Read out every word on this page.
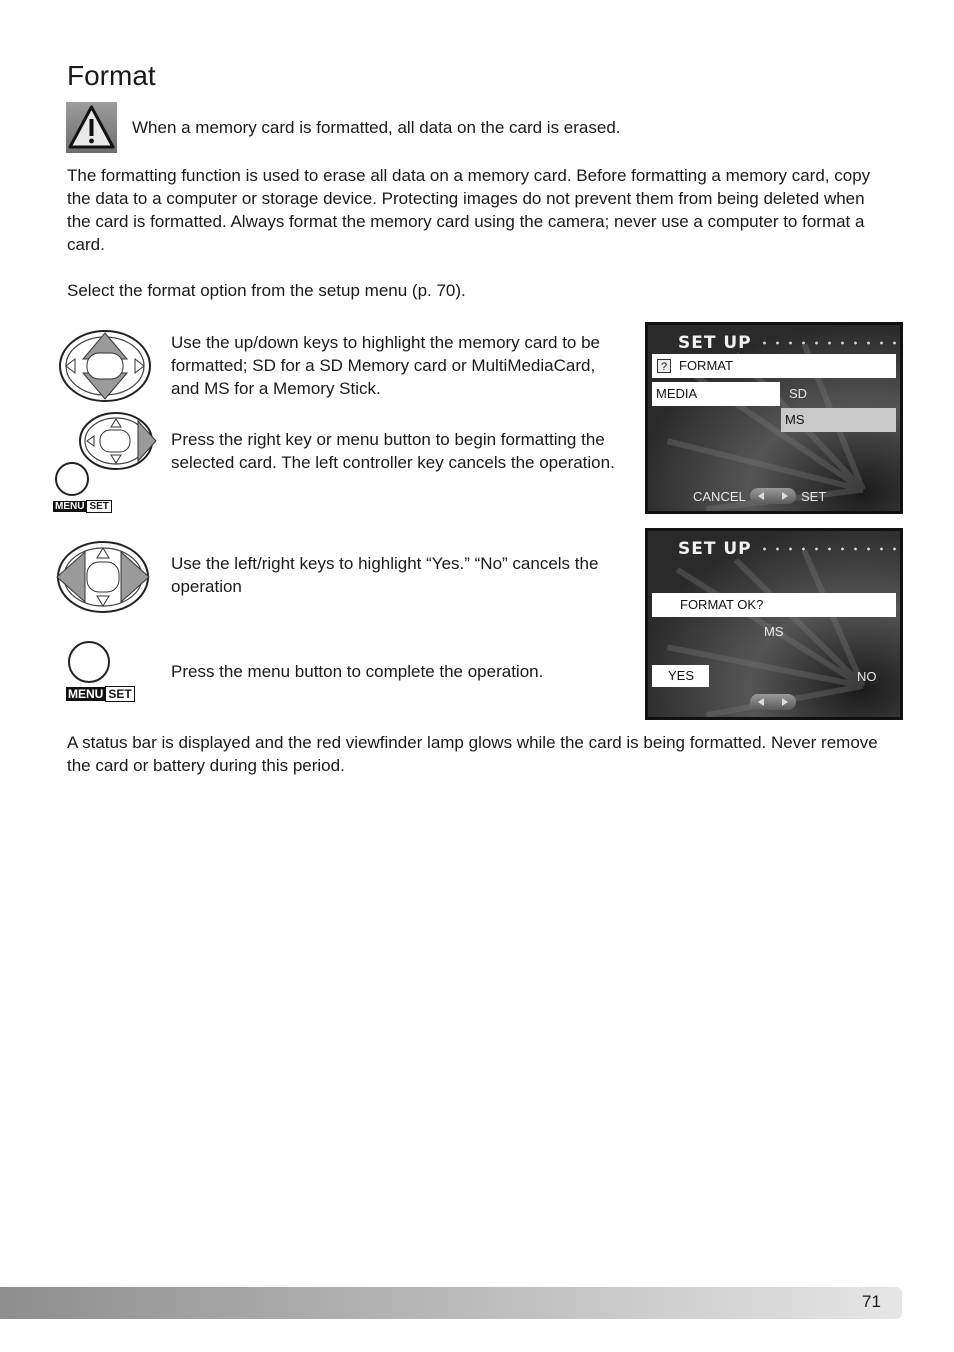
Format

When a memory card is formatted, all data on the card is erased.

The formatting function is used to erase all data on a memory card. Before formatting a memory card, copy the data to a computer or storage device. Protecting images do not prevent them from being deleted when the card is formatted. Always format the memory card using the camera; never use a computer to format a card.

Select the format option from the setup menu (p. 70).

Use the up/down keys to highlight the memory card to be formatted; SD for a SD Memory card or MultiMediaCard, and MS for a Memory Stick.

MENU SET

Press the right key or menu button to begin formatting the selected card. The left controller key cancels the operation.

SET UP
? FORMAT
MEDIA	SD
MS
CANCEL	SET

Use the left/right keys to highlight “Yes.” “No” cancels the operation

MENU SET

Press the menu button to complete the operation.

SET UP
FORMAT OK?
MS
YES	NO

A status bar is displayed and the red viewfinder lamp glows while the card is being formatted. Never remove the card or battery during this period.

71
